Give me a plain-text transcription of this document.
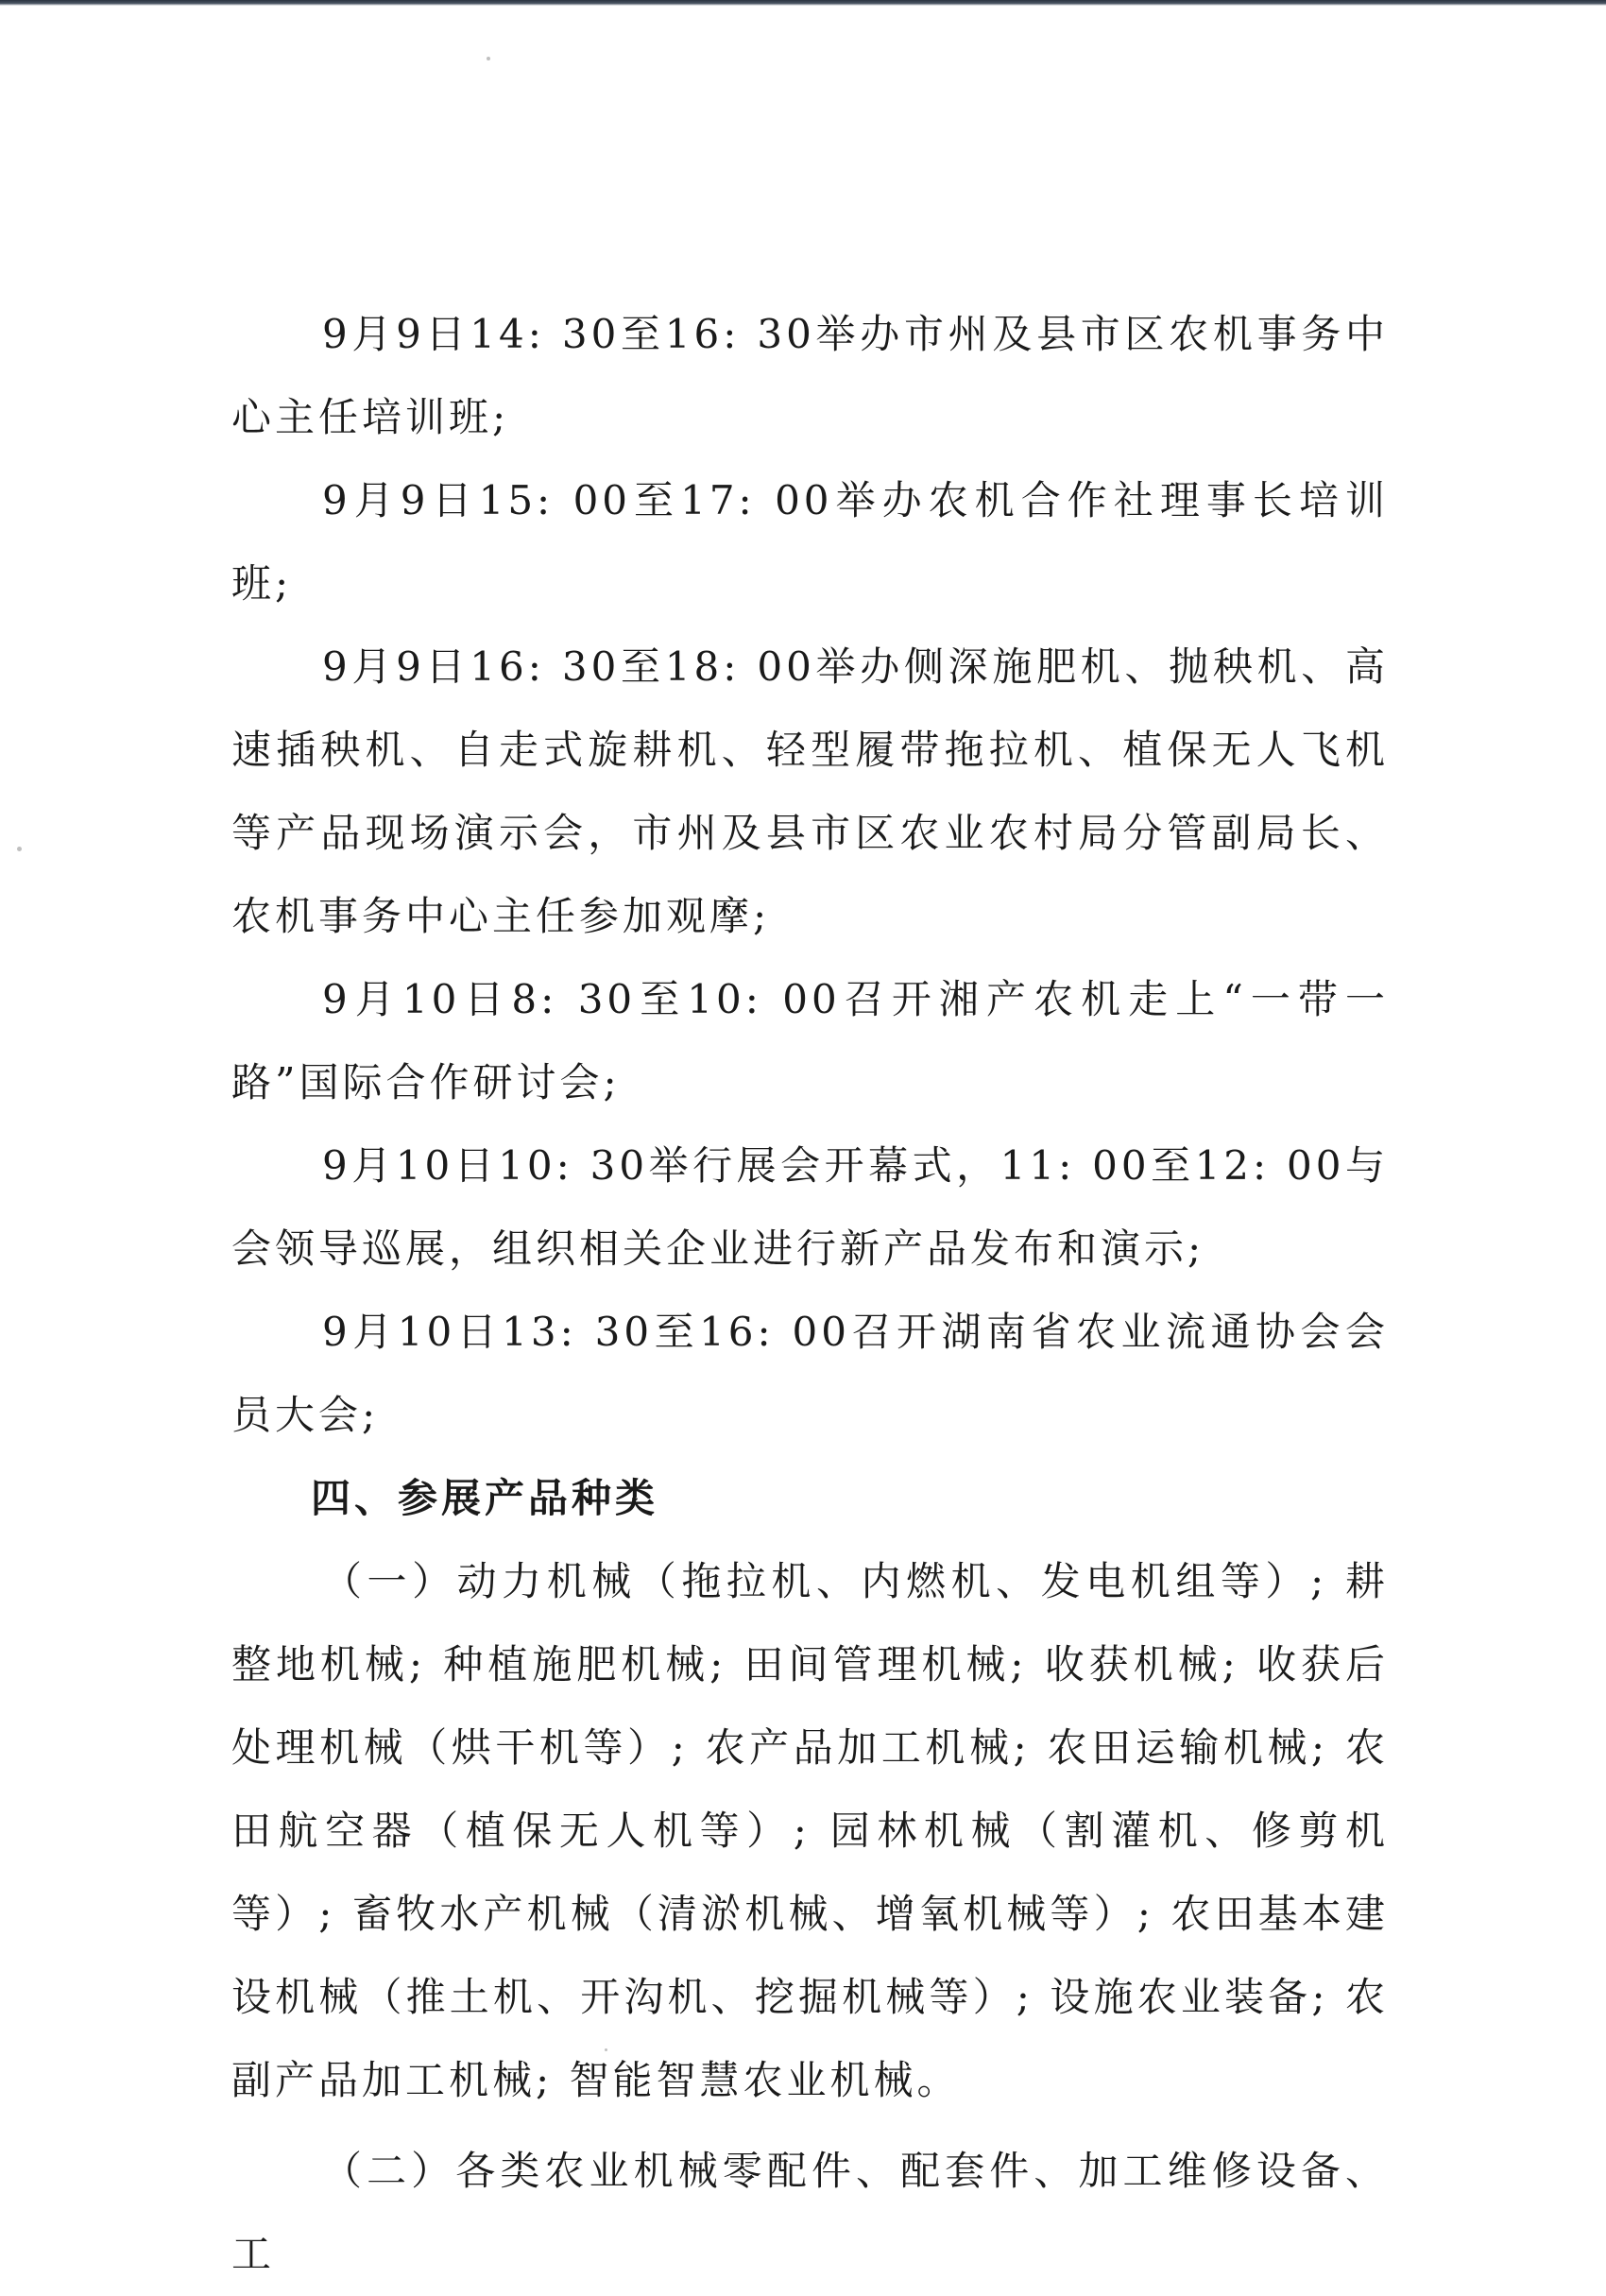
9月9日14: 30至16: 30举办市州及县市区农机事务中心主任培训班;

9月9日15: 00至17: 00举办农机合作社理事长培训班;

9月9日16: 30至18: 00举办侧深施肥机、抛秧机、高速插秧机、自走式旋耕机、轻型履带拖拉机、植保无人飞机等产品现场演示会，市州及县市区农业农村局分管副局长、农机事务中心主任参加观摩;

9月10日8: 30至10: 00召开湘产农机走上“一带一路”国际合作研讨会;

9月10日10: 30举行展会开幕式，11: 00至12: 00与会领导巡展，组织相关企业进行新产品发布和演示;

9月10日13: 30至16: 00召开湖南省农业流通协会会员大会;

四、参展产品种类

（一）动力机械（拖拉机、内燃机、发电机组等）; 耕整地机械; 种植施肥机械; 田间管理机械; 收获机械; 收获后处理机械（烘干机等）; 农产品加工机械; 农田运输机械; 农田航空器（植保无人机等）; 园林机械（割灌机、修剪机等）; 畜牧水产机械（清淤机械、增氧机械等）; 农田基本建设机械（推土机、开沟机、挖掘机械等）; 设施农业装备; 农副产品加工机械; 智能智慧农业机械。

（二）各类农业机械零配件、配套件、加工维修设备、工
